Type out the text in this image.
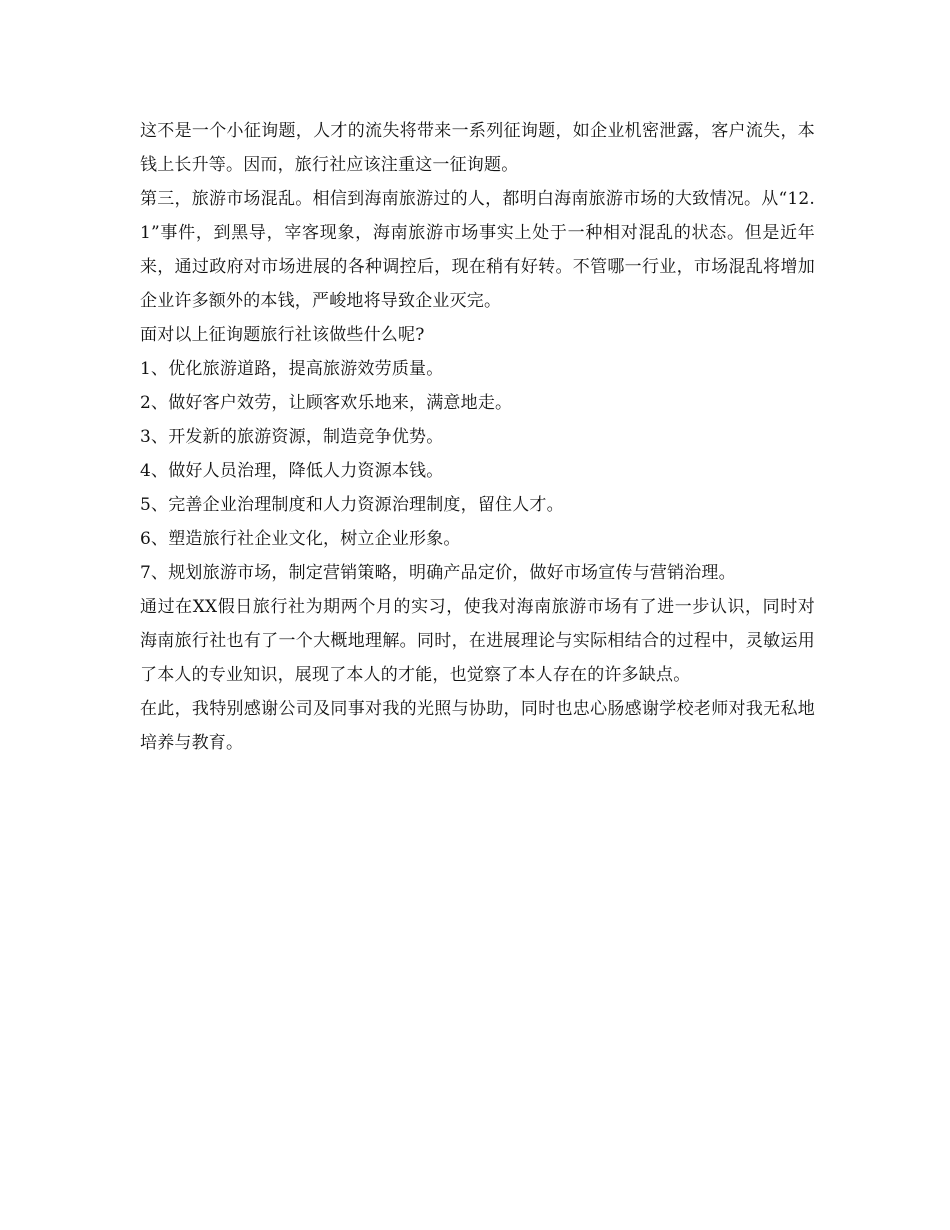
这不是一个小征询题，人才的流失将带来一系列征询题，如企业机密泄露，客户流失，本钱上长升等。因而，旅行社应该注重这一征询题。

第三，旅游市场混乱。相信到海南旅游过的人，都明白海南旅游市场的大致情况。从“12.1”事件，到黑导，宰客现象，海南旅游市场事实上处于一种相对混乱的状态。但是近年来，通过政府对市场进展的各种调控后，现在稍有好转。不管哪一行业，市场混乱将增加企业许多额外的本钱，严峻地将导致企业灭完。

面对以上征询题旅行社该做些什么呢?

1、优化旅游道路，提高旅游效劳质量。

2、做好客户效劳，让顾客欢乐地来，满意地走。

3、开发新的旅游资源，制造竞争优势。

4、做好人员治理，降低人力资源本钱。

5、完善企业治理制度和人力资源治理制度，留住人才。

6、塑造旅行社企业文化，树立企业形象。

7、规划旅游市场，制定营销策略，明确产品定价，做好市场宣传与营销治理。

通过在XX假日旅行社为期两个月的实习，使我对海南旅游市场有了进一步认识，同时对海南旅行社也有了一个大概地理解。同时，在进展理论与实际相结合的过程中，灵敏运用了本人的专业知识，展现了本人的才能，也觉察了本人存在的许多缺点。

在此，我特别感谢公司及同事对我的光照与协助，同时也忠心肠感谢学校老师对我无私地培养与教育。
